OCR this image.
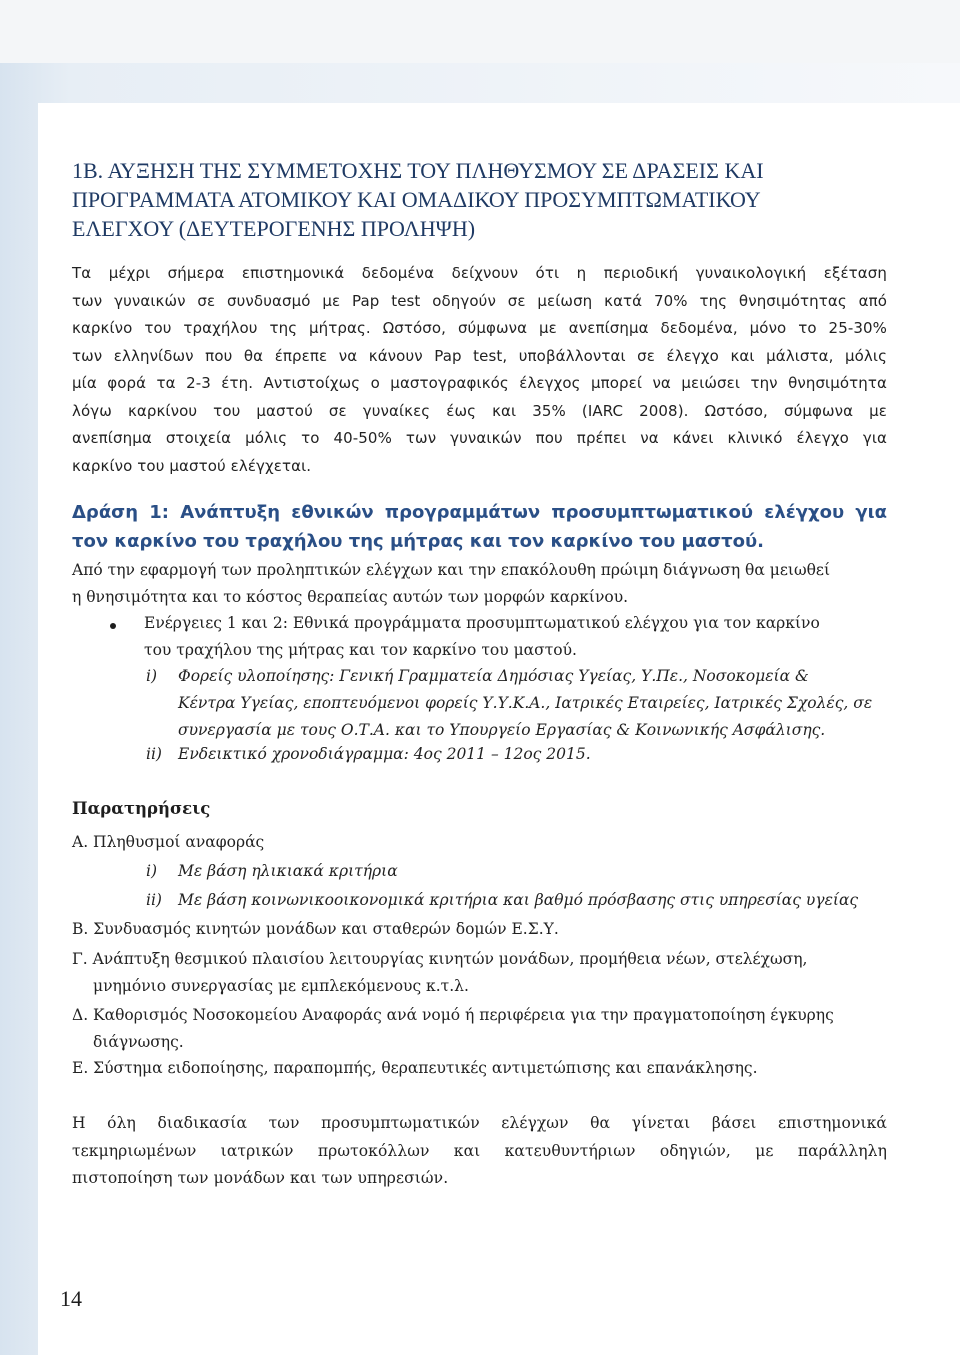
1Β. ΑΥΞΗΣΗ ΤΗΣ ΣΥΜΜΕΤΟΧΗΣ ΤΟΥ ΠΛΗΘΥΣΜΟΥ ΣΕ ΔΡΑΣΕΙΣ ΚΑΙ
ΠΡΟΓΡΑΜΜΑΤΑ ΑΤΟΜΙΚΟΥ ΚΑΙ ΟΜΑΔΙΚΟΥ ΠΡΟΣΥΜΠΤΩΜΑΤΙΚΟΥ
ΕΛΕΓΧΟΥ (ΔΕΥΤΕΡΟΓΕΝΗΣ ΠΡΟΛΗΨΗ)
Τα μέχρι σήμερα επιστημονικά δεδομένα δείχνουν ότι η περιοδική γυναικολογική εξέταση
των γυναικών σε συνδυασμό με Pap test οδηγούν σε μείωση κατά 70% της θνησιμότητας από
καρκίνο του τραχήλου της μήτρας. Ωστόσο, σύμφωνα με ανεπίσημα δεδομένα, μόνο το 25-30%
των ελληνίδων που θα έπρεπε να κάνουν Pap test, υποβάλλονται σε έλεγχο και μάλιστα, μόλις
μία φορά τα 2-3 έτη. Αντιστοίχως ο μαστογραφικός έλεγχος μπορεί να μειώσει την θνησιμότητα
λόγω καρκίνου του μαστού σε γυναίκες έως και 35% (IARC 2008). Ωστόσο, σύμφωνα με
ανεπίσημα στοιχεία μόλις το 40-50% των γυναικών που πρέπει να κάνει κλινικό έλεγχο για
καρκίνο του μαστού ελέγχεται.
Δράση 1: Ανάπτυξη εθνικών προγραμμάτων προσυμπτωματικού ελέγχου για
τον καρκίνο του τραχήλου της μήτρας και τον καρκίνο του μαστού.
Από την εφαρμογή των προληπτικών ελέγχων και την επακόλουθη πρώιμη διάγνωση θα μειωθεί
η θνησιμότητα και το κόστος θεραπείας αυτών των μορφών καρκίνου.
Ενέργειες 1 και 2: Εθνικά προγράμματα προσυμπτωματικού ελέγχου για τον καρκίνο
του τραχήλου της μήτρας και τον καρκίνο του μαστού.
i) Φορείς υλοποίησης: Γενική Γραμματεία Δημόσιας Υγείας, Υ.Πε., Νοσοκομεία &
Κέντρα Υγείας, εποπτευόμενοι φορείς Υ.Υ.Κ.Α., Ιατρικές Εταιρείες, Ιατρικές Σχολές, σε
συνεργασία με τους Ο.Τ.Α. και το Υπουργείο Εργασίας & Κοινωνικής Ασφάλισης.
ii) Ενδεικτικό χρονοδιάγραμμα: 4ος 2011 – 12ος 2015.
Παρατηρήσεις
Α. Πληθυσμοί αναφοράς
i) Με βάση ηλικιακά κριτήρια
ii) Με βάση κοινωνικοοικονομικά κριτήρια και βαθμό πρόσβασης στις υπηρεσίας υγείας
Β. Συνδυασμός κινητών μονάδων και σταθερών δομών Ε.Σ.Υ.
Γ. Ανάπτυξη θεσμικού πλαισίου λειτουργίας κινητών μονάδων, προμήθεια νέων, στελέχωση,
μνημόνιο συνεργασίας με εμπλεκόμενους κ.τ.λ.
Δ. Καθορισμός Νοσοκομείου Αναφοράς ανά νομό ή περιφέρεια για την πραγματοποίηση έγκυρης
διάγνωσης.
Ε. Σύστημα ειδοποίησης, παραπομπής, θεραπευτικές αντιμετώπισης και επανάκλησης.
Η όλη διαδικασία των προσυμπτωματικών ελέγχων θα γίνεται βάσει επιστημονικά
τεκμηριωμένων ιατρικών πρωτοκόλλων και κατευθυντήριων οδηγιών, με παράλληλη
πιστοποίηση των μονάδων και των υπηρεσιών.
14
